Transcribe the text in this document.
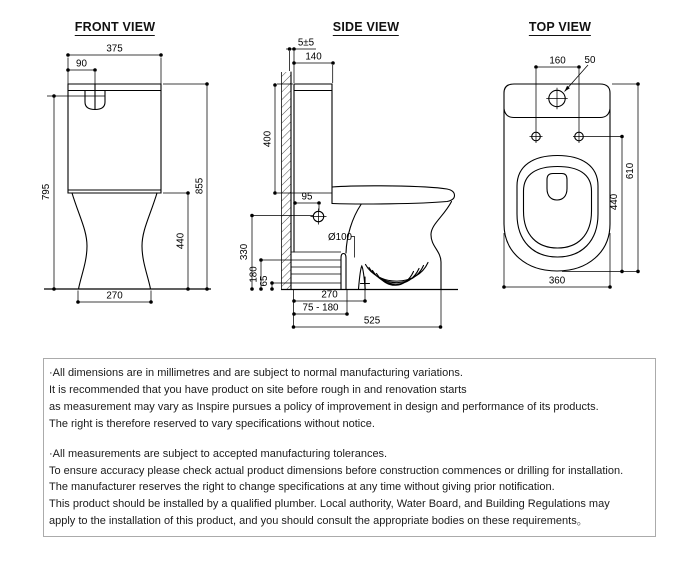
FRONT VIEW	SIDE VIEW	TOP VIEW
375
90
795	855
440
270
5±5
140
400
95
330
180 65
Ø100
270
75 - 180
525
160 50
610
440
360
·All dimensions are in millimetres and are subject to normal manufacturing variations.
It is recommended that you have product on site before rough in and renovation starts
as measurement may vary as Inspire pursues a policy of improvement in design and performance of its products.
The right is therefore reserved to vary specifications without notice.
·All measurements are subject to accepted manufacturing tolerances.
To ensure accuracy please check actual product dimensions before construction commences or drilling for installation.
The manufacturer reserves the right to change specifications at any time without giving prior notification.
This product should be installed by a qualified plumber. Local authority, Water Board, and Building Regulations may
apply to the installation of this product, and you should consult the appropriate bodies on these requirements。
